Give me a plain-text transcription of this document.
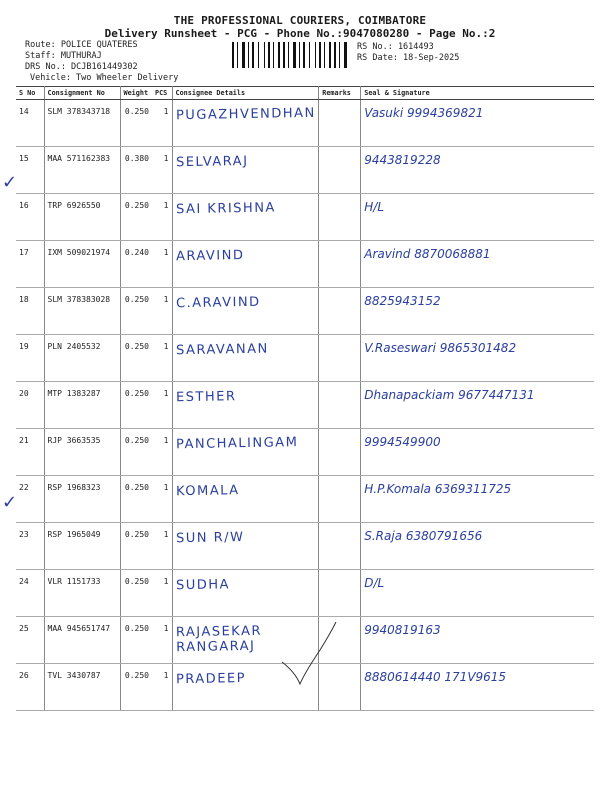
THE PROFESSIONAL COURIERS, COIMBATORE
Delivery Runsheet - PCG - Phone No.:9047080280 - Page No.:2
Route: POLICE QUATERES
Staff: MUTHURAJ
DRS No.: DCJB161449302
Vehicle: Two Wheeler Delivery
RS No.: 1614493
RS Date: 18-Sep-2025
S No	Consignment No	Weight	PCS	Consignee Details	Remarks	Seal & Signature
14	SLM 378343718	0.250	1	PUGAZHVENDHAN		Vasuki 9994369821

15	MAA 571162383	0.380	1	SELVARAJ		9443819228

16	TRP 6926550	0.250	1	SAI KRISHNA		H/L

17	IXM 509021974	0.240	1	ARAVIND		Aravind 8870068881

18	SLM 378383028	0.250	1	C.ARAVIND		8825943152

19	PLN 2405532	0.250	1	SARAVANAN		V.Raseswari 9865301482

20	MTP 1383287	0.250	1	ESTHER		Dhanapackiam 9677447131

21	RJP 3663535	0.250	1	PANCHALINGAM		9994549900

22	RSP 1968323	0.250	1	KOMALA		H.P.Komala 6369311725

23	RSP 1965049	0.250	1	SUN R/W		S.Raja 6380791656

24	VLR 1151733	0.250	1	SUDHA		D/L

25	MAA 945651747	0.250	1	RAJASEKAR RANGARAJ		9940819163

26	TVL 3430787	0.250	1	PRADEEP		8880614440 171V9615
✓
✓
